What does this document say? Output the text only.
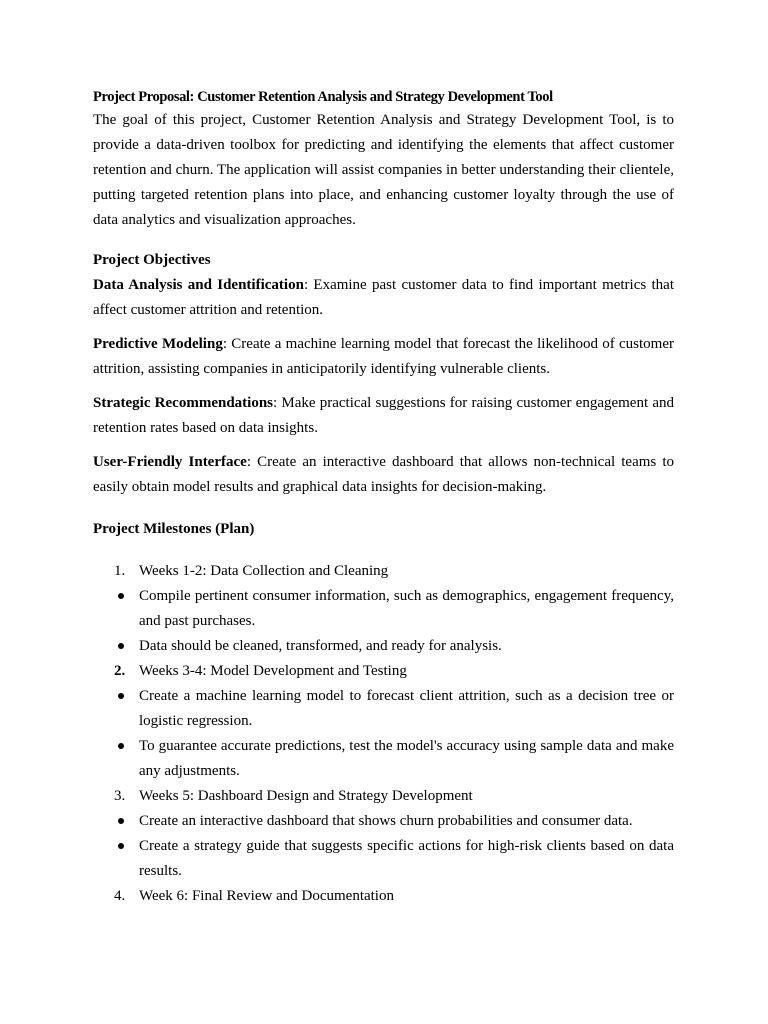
Project Proposal: Customer Retention Analysis and Strategy Development Tool

The goal of this project, Customer Retention Analysis and Strategy Development Tool, is to provide a data-driven toolbox for predicting and identifying the elements that affect customer retention and churn. The application will assist companies in better understanding their clientele, putting targeted retention plans into place, and enhancing customer loyalty through the use of data analytics and visualization approaches.

Project Objectives

Data Analysis and Identification: Examine past customer data to find important metrics that affect customer attrition and retention.

Predictive Modeling: Create a machine learning model that forecast the likelihood of customer attrition, assisting companies in anticipatorily identifying vulnerable clients.

Strategic Recommendations: Make practical suggestions for raising customer engagement and retention rates based on data insights.

User-Friendly Interface: Create an interactive dashboard that allows non-technical teams to easily obtain model results and graphical data insights for decision-making.

Project Milestones (Plan)

1. Weeks 1-2: Data Collection and Cleaning
Compile pertinent consumer information, such as demographics, engagement frequency, and past purchases.
Data should be cleaned, transformed, and ready for analysis.
2. Weeks 3-4: Model Development and Testing
Create a machine learning model to forecast client attrition, such as a decision tree or logistic regression.
To guarantee accurate predictions, test the model's accuracy using sample data and make any adjustments.
3. Weeks 5: Dashboard Design and Strategy Development
Create an interactive dashboard that shows churn probabilities and consumer data.
Create a strategy guide that suggests specific actions for high-risk clients based on data results.
4. Week 6: Final Review and Documentation
